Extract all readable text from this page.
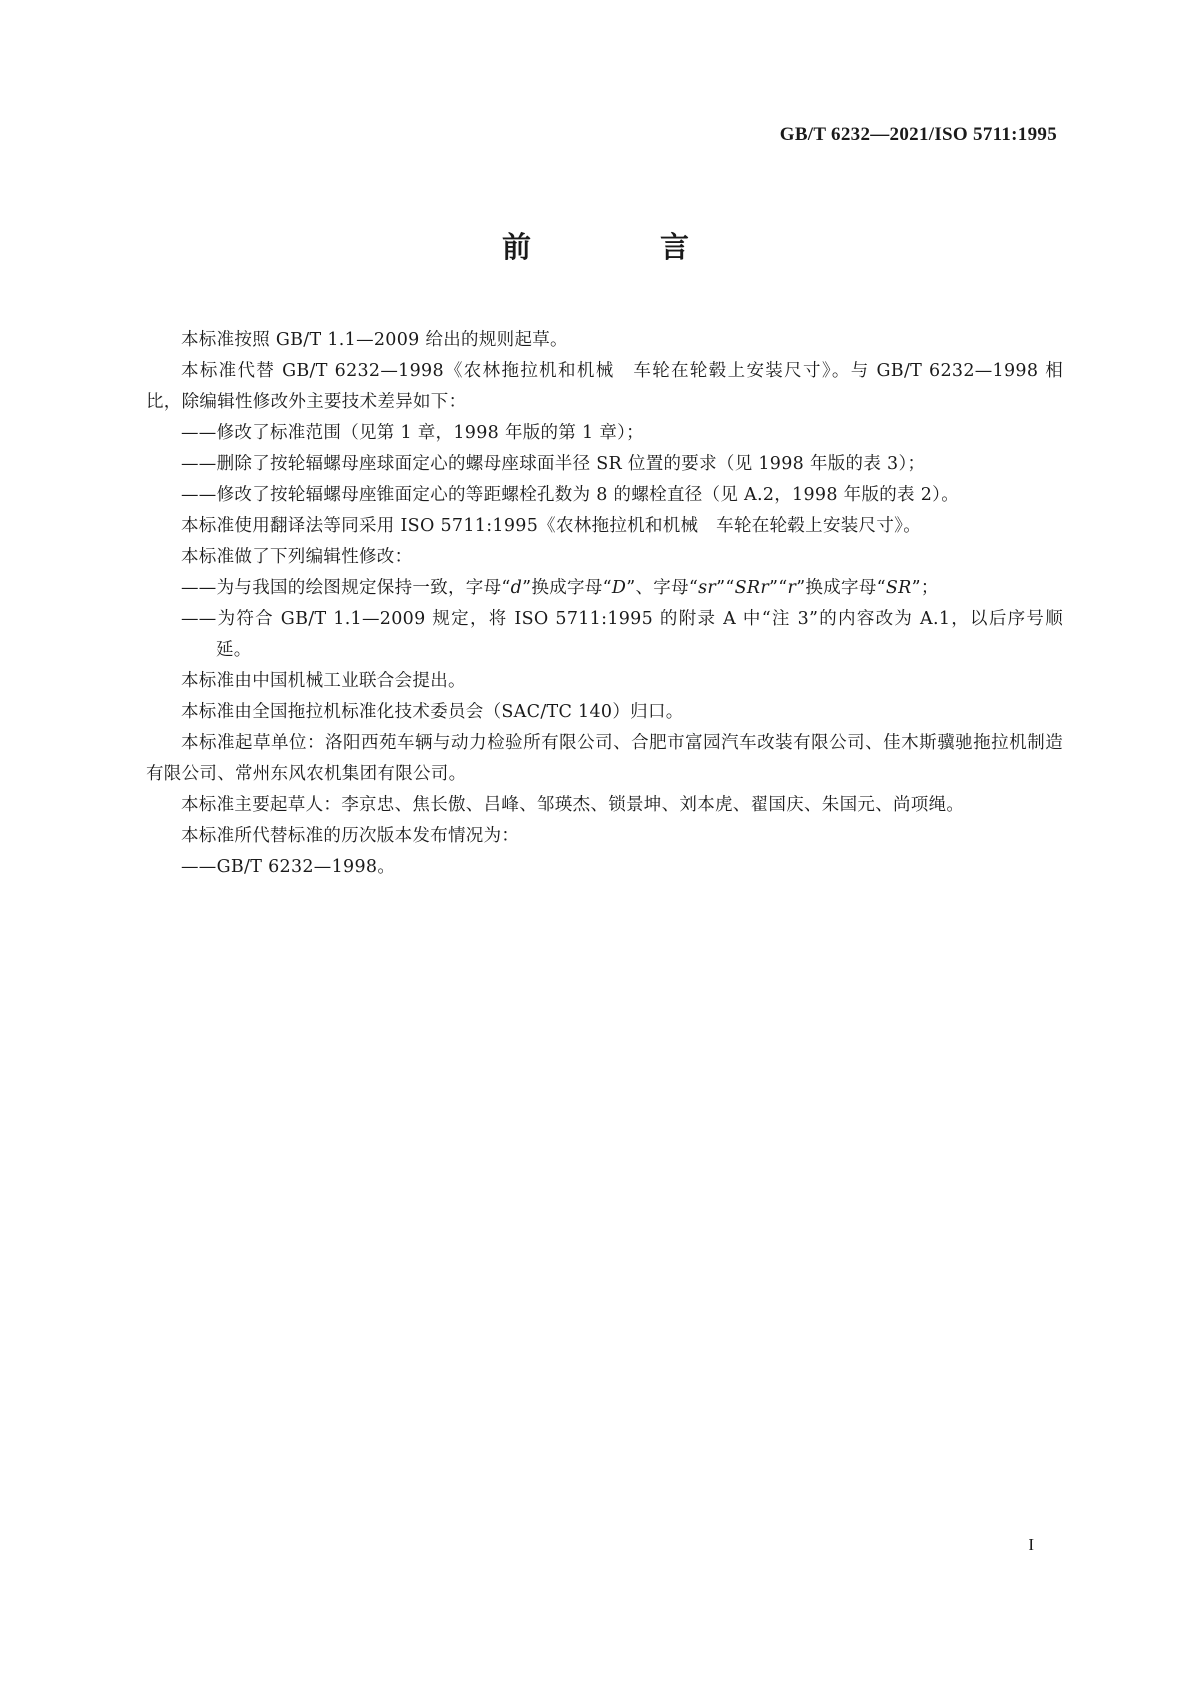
GB/T 6232—2021/ISO 5711:1995
前　言

本标准按照 GB/T 1.1—2009 给出的规则起草。

本标准代替 GB/T 6232—1998《农林拖拉机和机械　车轮在轮毂上安装尺寸》。与 GB/T 6232—1998 相比，除编辑性修改外主要技术差异如下：

——修改了标准范围（见第 1 章，1998 年版的第 1 章）；

——删除了按轮辐螺母座球面定心的螺母座球面半径 SR 位置的要求（见 1998 年版的表 3）；

——修改了按轮辐螺母座锥面定心的等距螺栓孔数为 8 的螺栓直径（见 A.2，1998 年版的表 2）。

本标准使用翻译法等同采用 ISO 5711:1995《农林拖拉机和机械　车轮在轮毂上安装尺寸》。

本标准做了下列编辑性修改：

——为与我国的绘图规定保持一致，字母“d”换成字母“D”、字母“sr”“SRr”“r”换成字母“SR”；

——为符合 GB/T 1.1—2009 规定，将 ISO 5711:1995 的附录 A 中“注 3”的内容改为 A.1，以后序号顺延。

本标准由中国机械工业联合会提出。

本标准由全国拖拉机标准化技术委员会（SAC/TC 140）归口。

本标准起草单位：洛阳西苑车辆与动力检验所有限公司、合肥市富园汽车改装有限公司、佳木斯骥驰拖拉机制造有限公司、常州东风农机集团有限公司。

本标准主要起草人：李京忠、焦长傲、吕峰、邹瑛杰、锁景坤、刘本虎、翟国庆、朱国元、尚项绳。

本标准所代替标准的历次版本发布情况为：

——GB/T 6232—1998。

I
